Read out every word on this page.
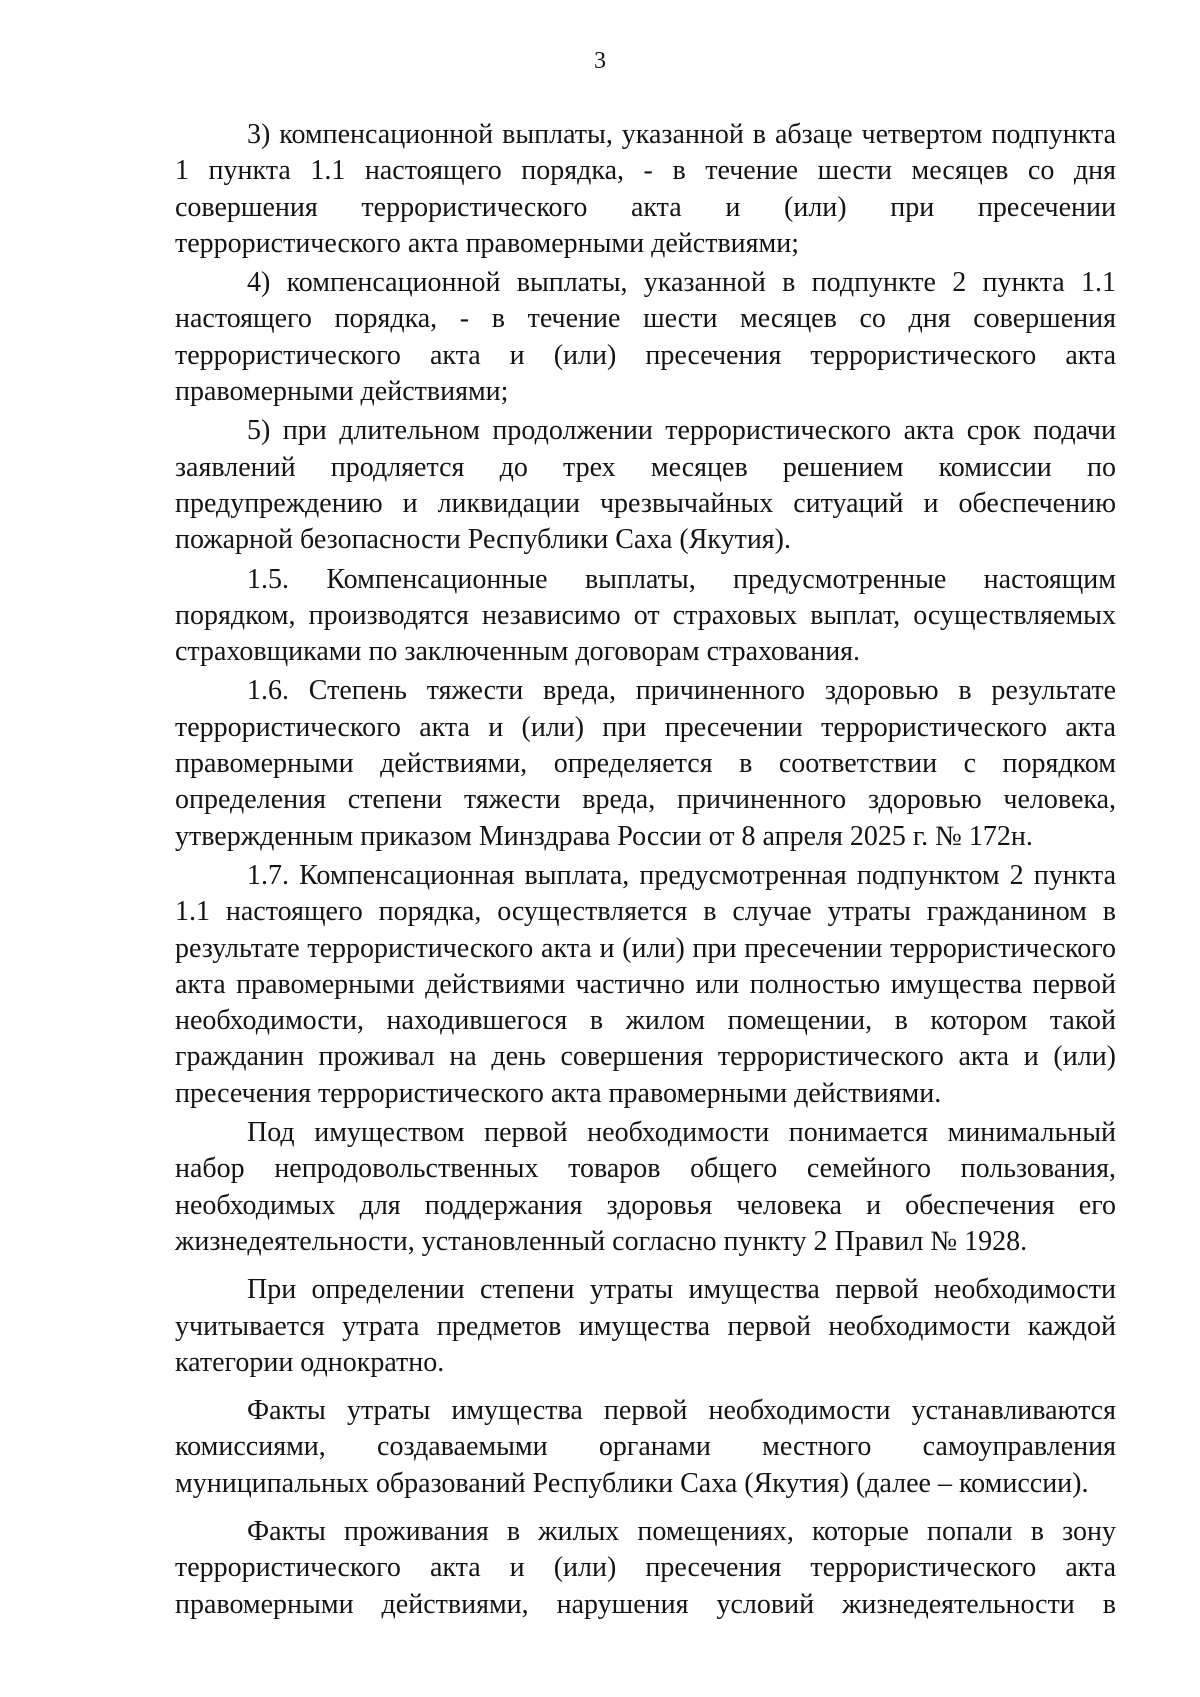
3

3) компенсационной выплаты, указанной в абзаце четвертом подпункта 1 пункта 1.1 настоящего порядка, - в течение шести месяцев со дня совершения террористического акта и (или) при пресечении террористического акта правомерными действиями;

4) компенсационной выплаты, указанной в подпункте 2 пункта 1.1 настоящего порядка, - в течение шести месяцев со дня совершения террористического акта и (или) пресечения террористического акта правомерными действиями;

5) при длительном продолжении террористического акта срок подачи заявлений продляется до трех месяцев решением комиссии по предупреждению и ликвидации чрезвычайных ситуаций и обеспечению пожарной безопасности Республики Саха (Якутия).

1.5. Компенсационные выплаты, предусмотренные настоящим порядком, производятся независимо от страховых выплат, осуществляемых страховщиками по заключенным договорам страхования.

1.6. Степень тяжести вреда, причиненного здоровью в результате террористического акта и (или) при пресечении террористического акта правомерными действиями, определяется в соответствии с порядком определения степени тяжести вреда, причиненного здоровью человека, утвержденным приказом Минздрава России от 8 апреля 2025 г. № 172н.

1.7. Компенсационная выплата, предусмотренная подпунктом 2 пункта 1.1 настоящего порядка, осуществляется в случае утраты гражданином в результате террористического акта и (или) при пресечении террористического акта правомерными действиями частично или полностью имущества первой необходимости, находившегося в жилом помещении, в котором такой гражданин проживал на день совершения террористического акта и (или) пресечения террористического акта правомерными действиями.

Под имуществом первой необходимости понимается минимальный набор непродовольственных товаров общего семейного пользования, необходимых для поддержания здоровья человека и обеспечения его жизнедеятельности, установленный согласно пункту 2 Правил № 1928.

При определении степени утраты имущества первой необходимости учитывается утрата предметов имущества первой необходимости каждой категории однократно.

Факты утраты имущества первой необходимости устанавливаются комиссиями, создаваемыми органами местного самоуправления муниципальных образований Республики Саха (Якутия) (далее – комиссии).

Факты проживания в жилых помещениях, которые попали в зону террористического акта и (или) пресечения террористического акта правомерными действиями, нарушения условий жизнедеятельности в
